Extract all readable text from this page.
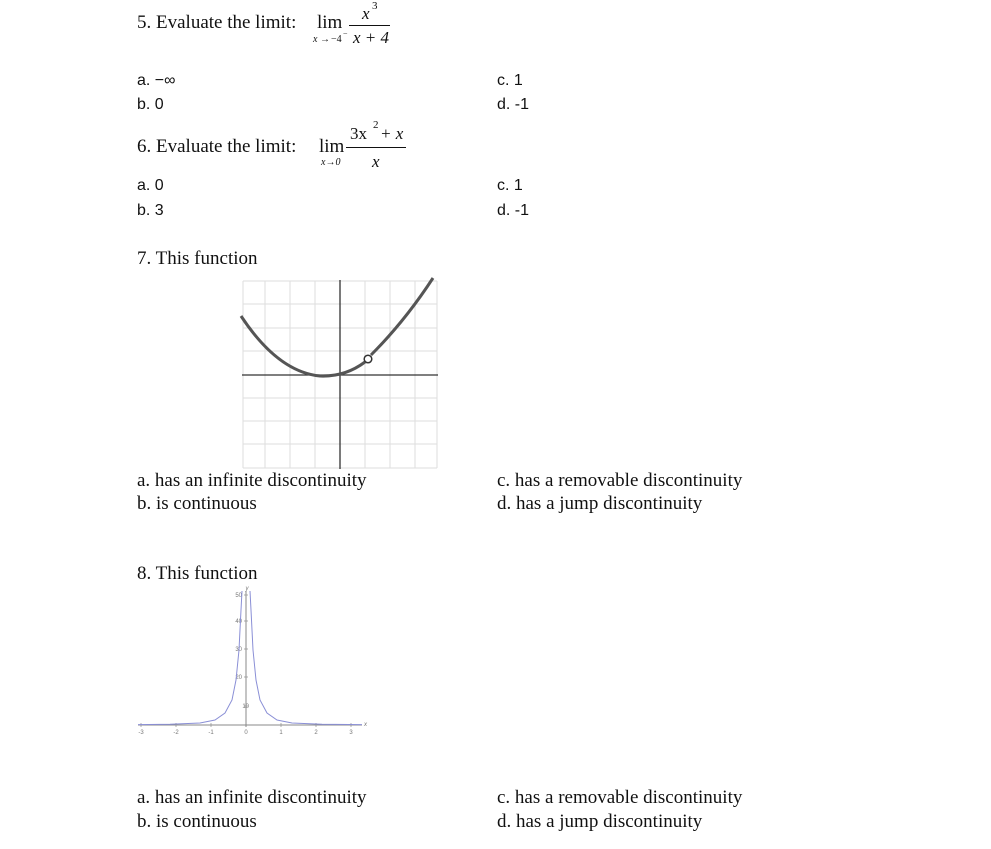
5. Evaluate the limit: lim
x → −4
−
x 3
x + 4
a. −∞
b. 0
c. 1
d. -1
6. Evaluate the limit: lim
x→0
3x 2 + x
x
a. 0
b. 3
c. 1
d. -1
7. This function
a. has an infinite discontinuity
b. is continuous
c. has a removable discontinuity
d. has a jump discontinuity
8. This function
-3	-2	-1	0	1	2	3
10
20
30
40
50
x
y
a. has an infinite discontinuity
b. is continuous
c. has a removable discontinuity
d. has a jump discontinuity
